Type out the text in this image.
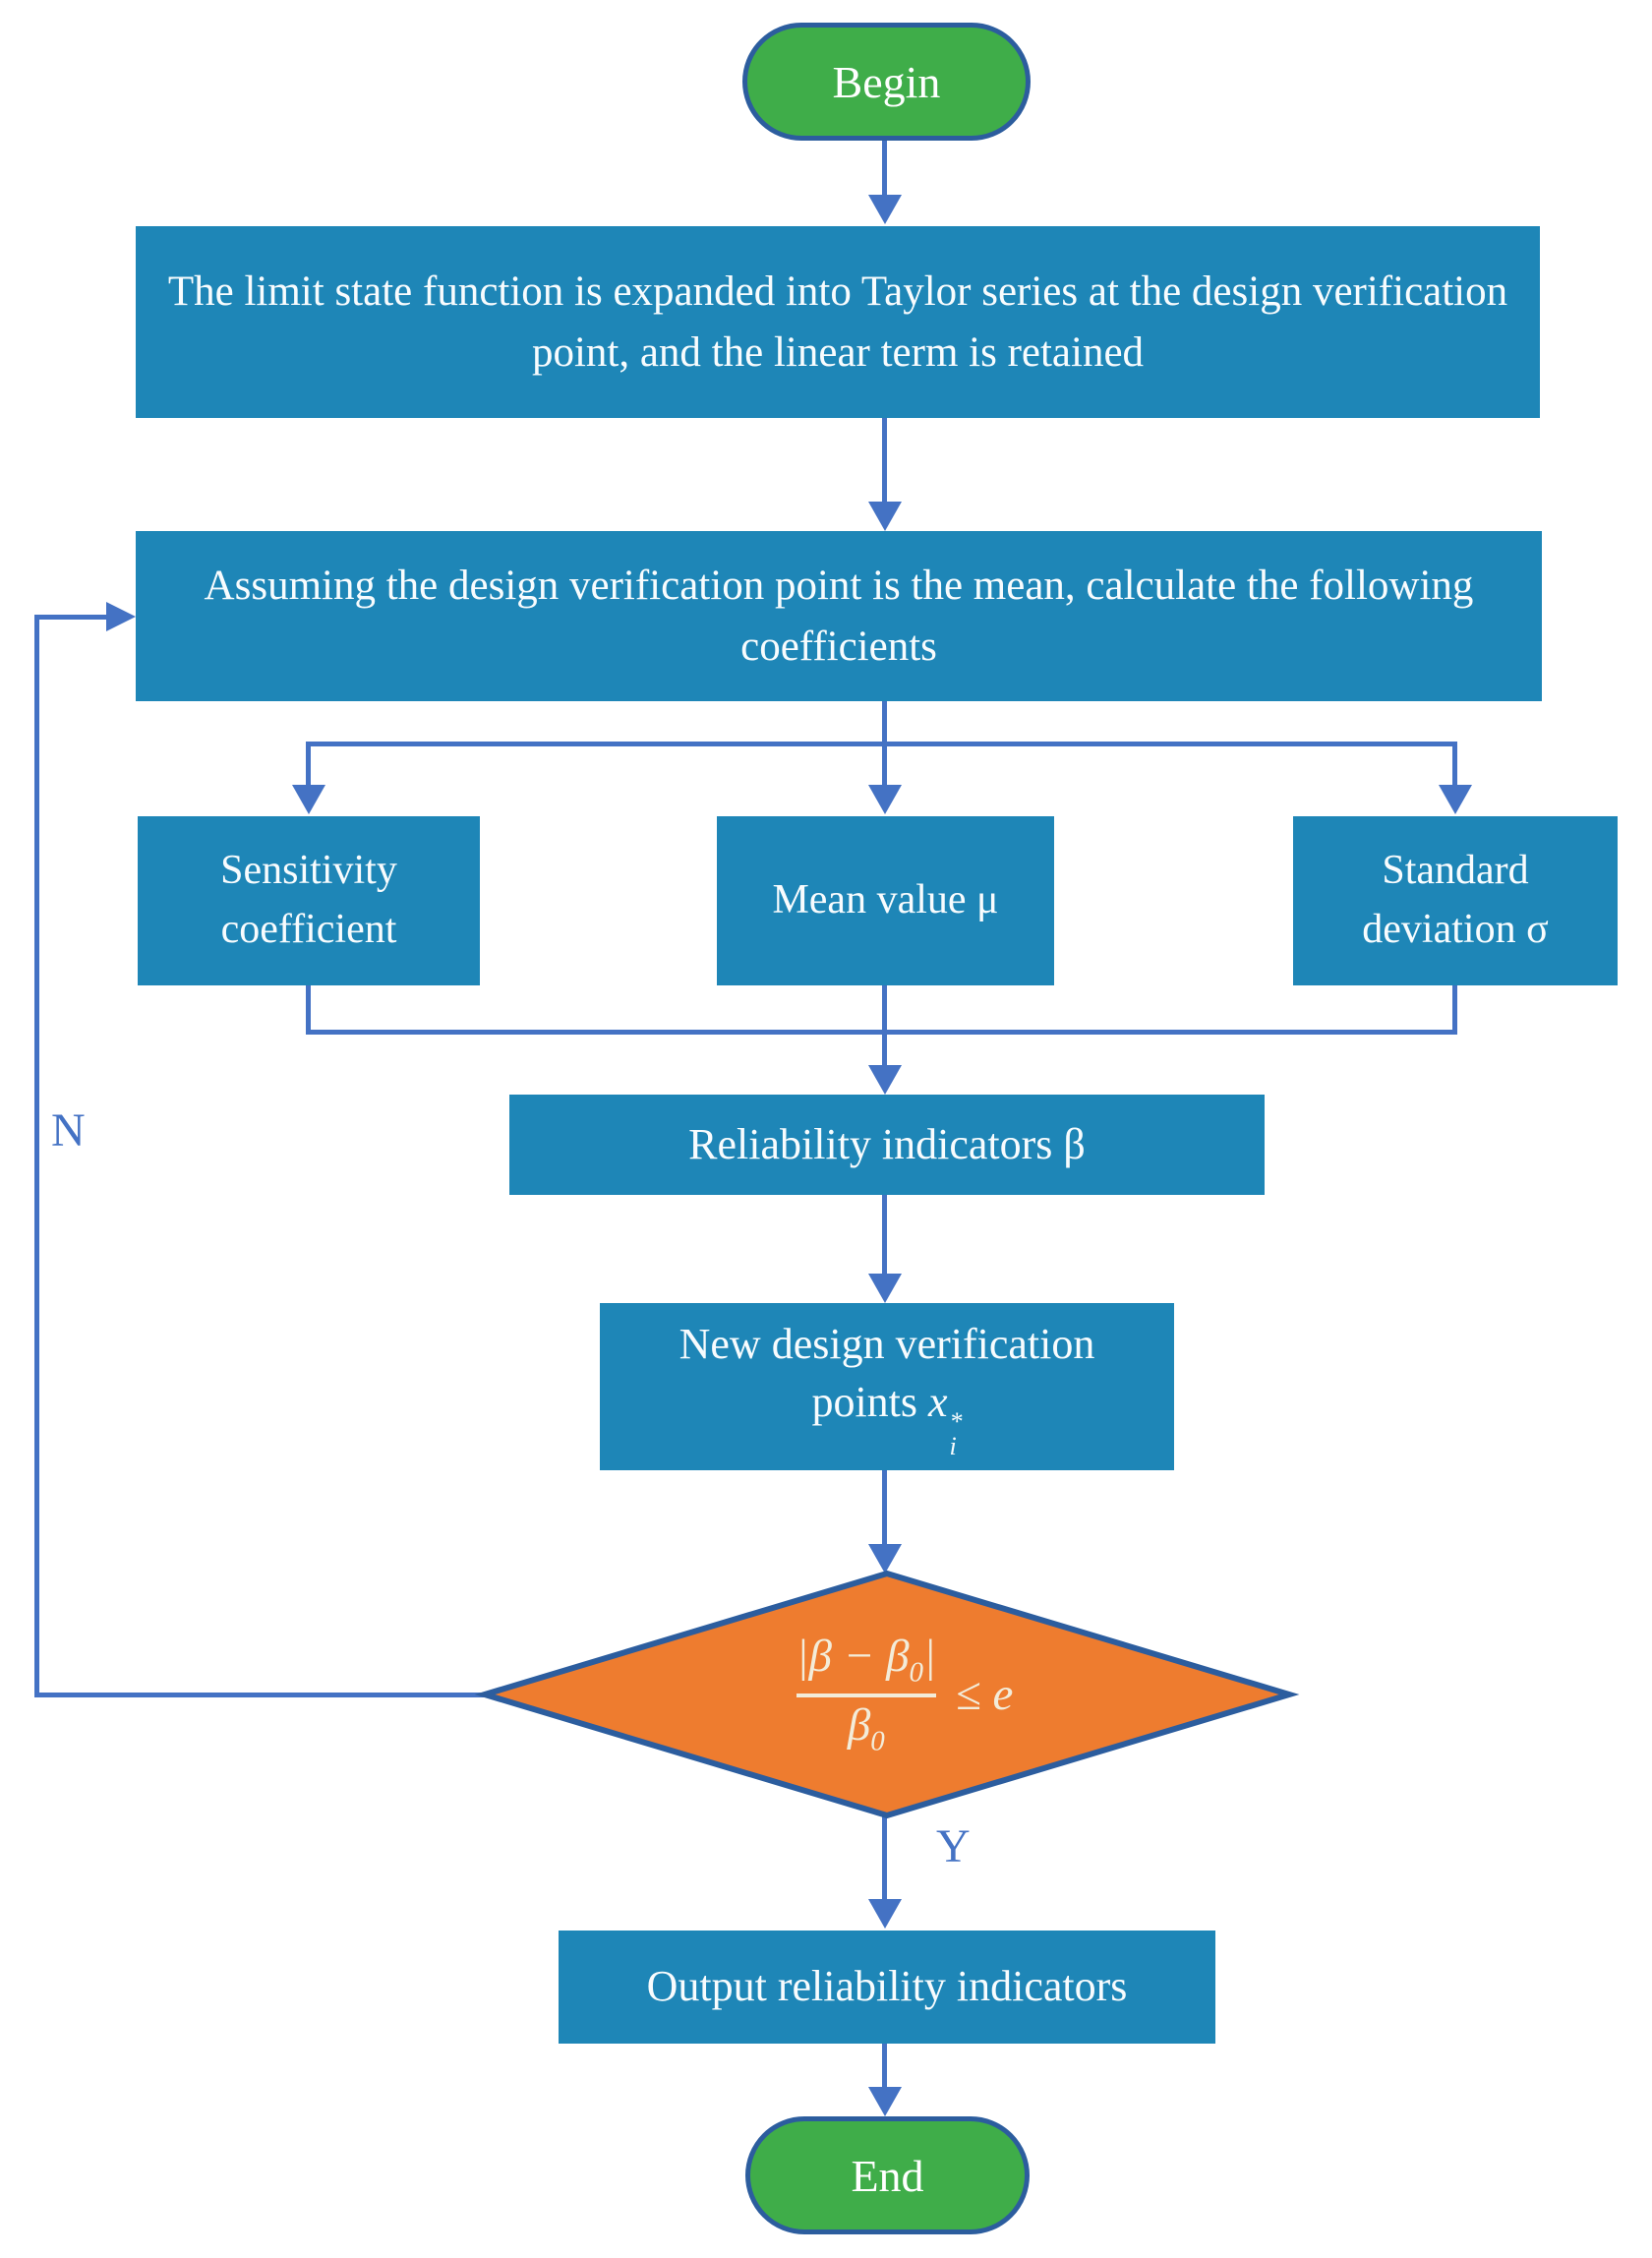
N
Y
Begin
The limit state function is expanded into Taylor series at the design verification point, and the linear term is retained
Assuming the design verification point is the mean, calculate the following coefficients
Sensitivity coefficient
Mean value μ
Standard deviation σ
Reliability indicators β
New design verification
points x *
i
$\frac{|\beta - \beta_0|}{\beta_0} \le e$
Output reliability indicators
End
